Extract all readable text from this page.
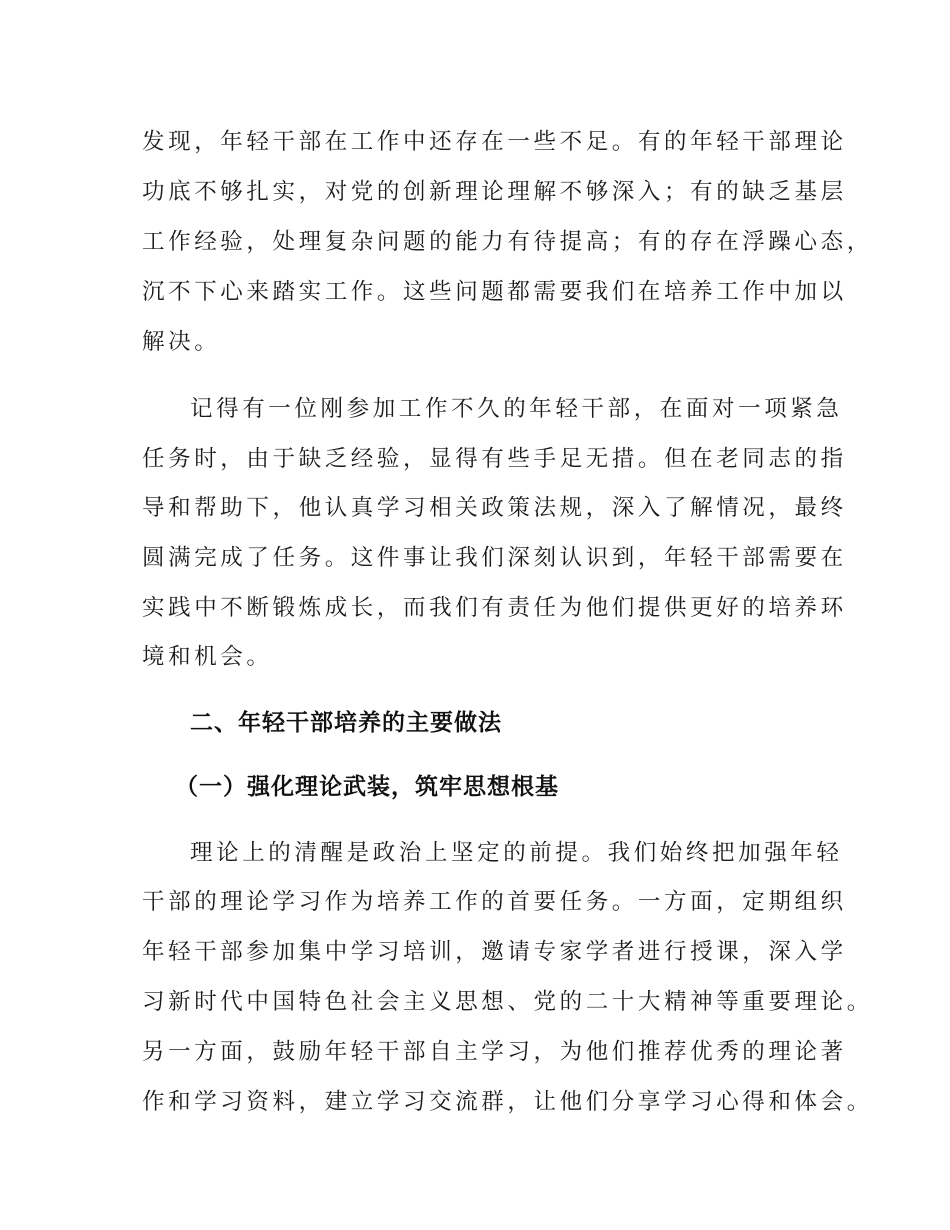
发现，年轻干部在工作中还存在一些不足。有的年轻干部理论
功底不够扎实，对党的创新理论理解不够深入；有的缺乏基层
工作经验，处理复杂问题的能力有待提高；有的存在浮躁心态，
沉不下心来踏实工作。这些问题都需要我们在培养工作中加以
解决。
记得有一位刚参加工作不久的年轻干部，在面对一项紧急
任务时，由于缺乏经验，显得有些手足无措。但在老同志的指
导和帮助下，他认真学习相关政策法规，深入了解情况，最终
圆满完成了任务。这件事让我们深刻认识到，年轻干部需要在
实践中不断锻炼成长，而我们有责任为他们提供更好的培养环
境和机会。
二、年轻干部培养的主要做法
（一）强化理论武装，筑牢思想根基
理论上的清醒是政治上坚定的前提。我们始终把加强年轻
干部的理论学习作为培养工作的首要任务。一方面，定期组织
年轻干部参加集中学习培训，邀请专家学者进行授课，深入学
习新时代中国特色社会主义思想、党的二十大精神等重要理论。
另一方面，鼓励年轻干部自主学习，为他们推荐优秀的理论著
作和学习资料，建立学习交流群，让他们分享学习心得和体会。
